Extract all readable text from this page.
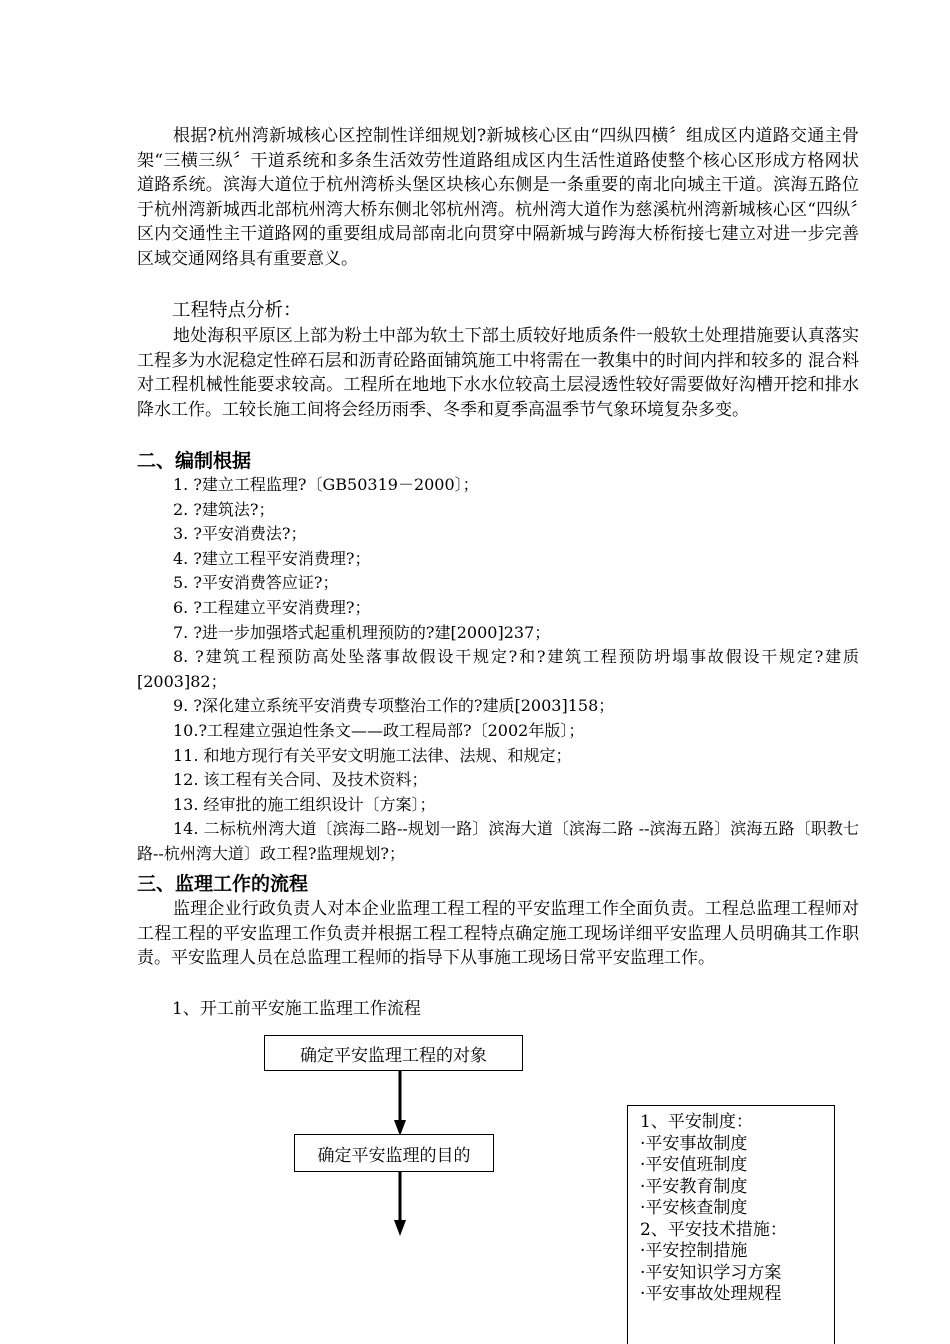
根据?杭州湾新城核心区控制性详细规划?新城核心区由“四纵四横〞组成区内道路交通主骨架“三横三纵〞干道系统和多条生活效劳性道路组成区内生活性道路使整个核心区形成方格网状道路系统。滨海大道位于杭州湾桥头堡区块核心东侧是一条重要的南北向城主干道。滨海五路位于杭州湾新城西北部杭州湾大桥东侧北邻杭州湾。杭州湾大道作为慈溪杭州湾新城核心区“四纵〞区内交通性主干道路网的重要组成局部南北向贯穿中隔新城与跨海大桥衔接七建立对进一步完善区域交通网络具有重要意义。

工程特点分析：

地处海积平原区上部为粉土中部为软土下部土质较好地质条件一般软土处理措施要认真落实工程多为水泥稳定性碎石层和沥青砼路面铺筑施工中将需在一教集中的时间内拌和较多的 混合料对工程机械性能要求较高。工程所在地地下水水位较高土层浸透性较好需要做好沟槽开挖和排水降水工作。工较长施工间将会经历雨季、冬季和夏季高温季节气象环境复杂多变。

二、编制根据

1. ?建立工程监理?〔GB50319－2000〕；
2. ?建筑法?；
3. ?平安消费法?；
4. ?建立工程平安消费理?；
5. ?平安消费答应证?；
6. ?工程建立平安消费理?；
7. ?进一步加强塔式起重机理预防的?建[2000]237；
8. ?建筑工程预防高处坠落事故假设干规定?和?建筑工程预防坍塌事故假设干规定?建质[2003]82；
9. ?深化建立系统平安消费专项整治工作的?建质[2003]158；
10.?工程建立强迫性条文——政工程局部?〔2002年版〕；
11. 和地方现行有关平安文明施工法律、法规、和规定；
12. 该工程有关合同、及技术资料；
13. 经审批的施工组织设计〔方案〕；
14. 二标杭州湾大道〔滨海二路--规划一路〕滨海大道〔滨海二路 --滨海五路〕滨海五路〔职教七路--杭州湾大道〕政工程?监理规划?；

三、监理工作的流程

监理企业行政负责人对本企业监理工程工程的平安监理工作全面负责。工程总监理工程师对工程工程的平安监理工作负责并根据工程工程特点确定施工现场详细平安监理人员明确其工作职责。平安监理人员在总监理工程师的指导下从事施工现场日常平安监理工作。

1、开工前平安施工监理工作流程

确定平安监理工程的对象
确定平安监理的目的
1、平安制度：
·平安事故制度
·平安值班制度
·平安教育制度
·平安核查制度
2、平安技术措施：
·平安控制措施
·平安知识学习方案
·平安事故处理规程
